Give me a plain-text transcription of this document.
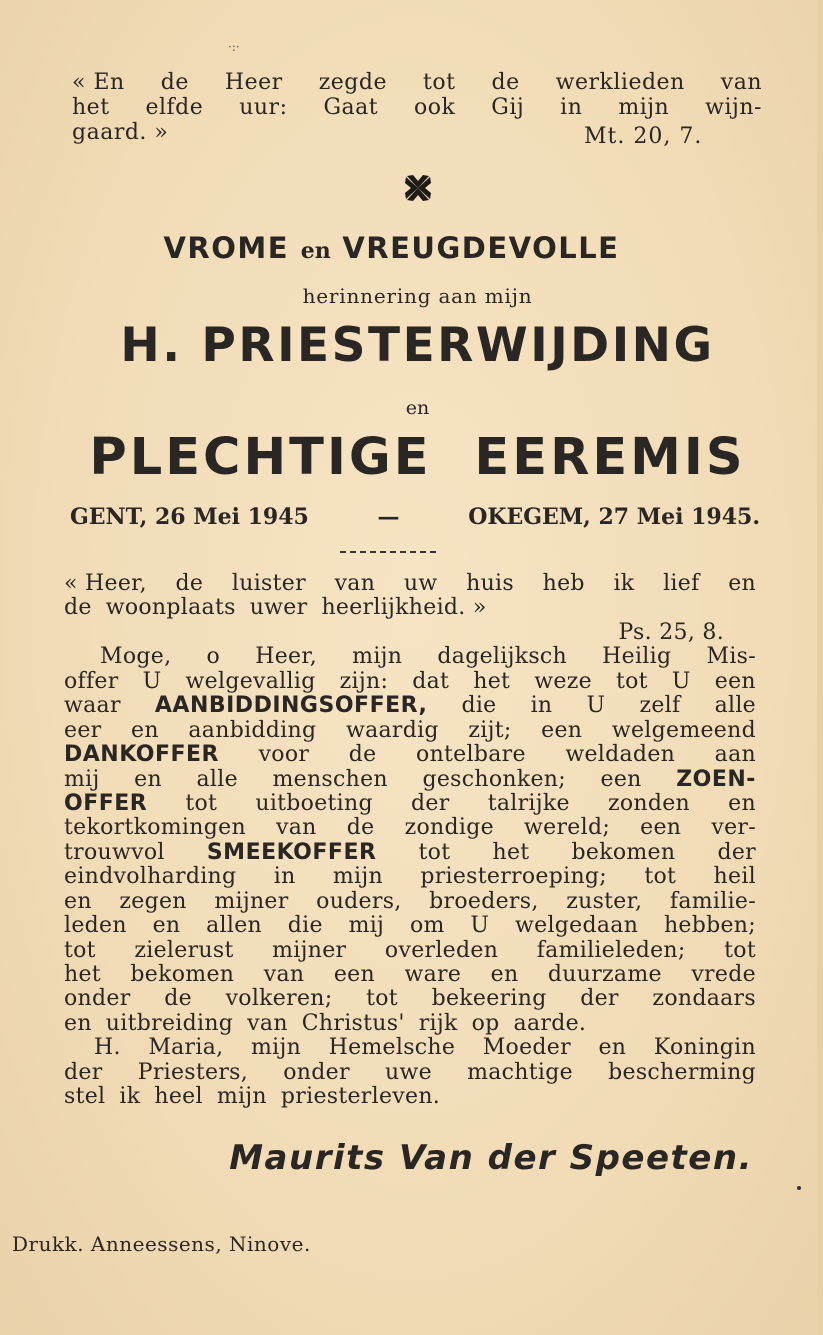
·:·
« En de Heer zegde tot de werklieden van
het elfde uur: Gaat ook Gij in mijn wijn-
gaard. »	Mt. 20, 7.
VROME en VREUGDEVOLLE
herinnering aan mijn
H. PRIESTERWIJDING
en
PLECHTIGE EEREMIS
GENT, 26 Mei 1945	—	OKEGEM, 27 Mei 1945.
« Heer, de luister van uw huis heb ik lief en
de woonplaats uwer heerlijkheid. »
Ps. 25, 8.
Moge, o Heer, mijn dagelijksch Heilig Mis-
offer U welgevallig zijn: dat het weze tot U een
waar AANBIDDINGSOFFER, die in U zelf alle
eer en aanbidding waardig zijt; een welgemeend
DANKOFFER voor de ontelbare weldaden aan
mij en alle menschen geschonken; een ZOEN-
OFFER tot uitboeting der talrijke zonden en
tekortkomingen van de zondige wereld; een ver-
trouwvol SMEEKOFFER tot het bekomen der
eindvolharding in mijn priesterroeping; tot heil
en zegen mijner ouders, broeders, zuster, familie-
leden en allen die mij om U welgedaan hebben;
tot zielerust mijner overleden familieleden; tot
het bekomen van een ware en duurzame vrede
onder de volkeren; tot bekeering der zondaars
en uitbreiding van Christus' rijk op aarde.
H. Maria, mijn Hemelsche Moeder en Koningin
der Priesters, onder uwe machtige bescherming
stel ik heel mijn priesterleven.
Maurits Van der Speeten.
Drukk. Anneessens, Ninove.
